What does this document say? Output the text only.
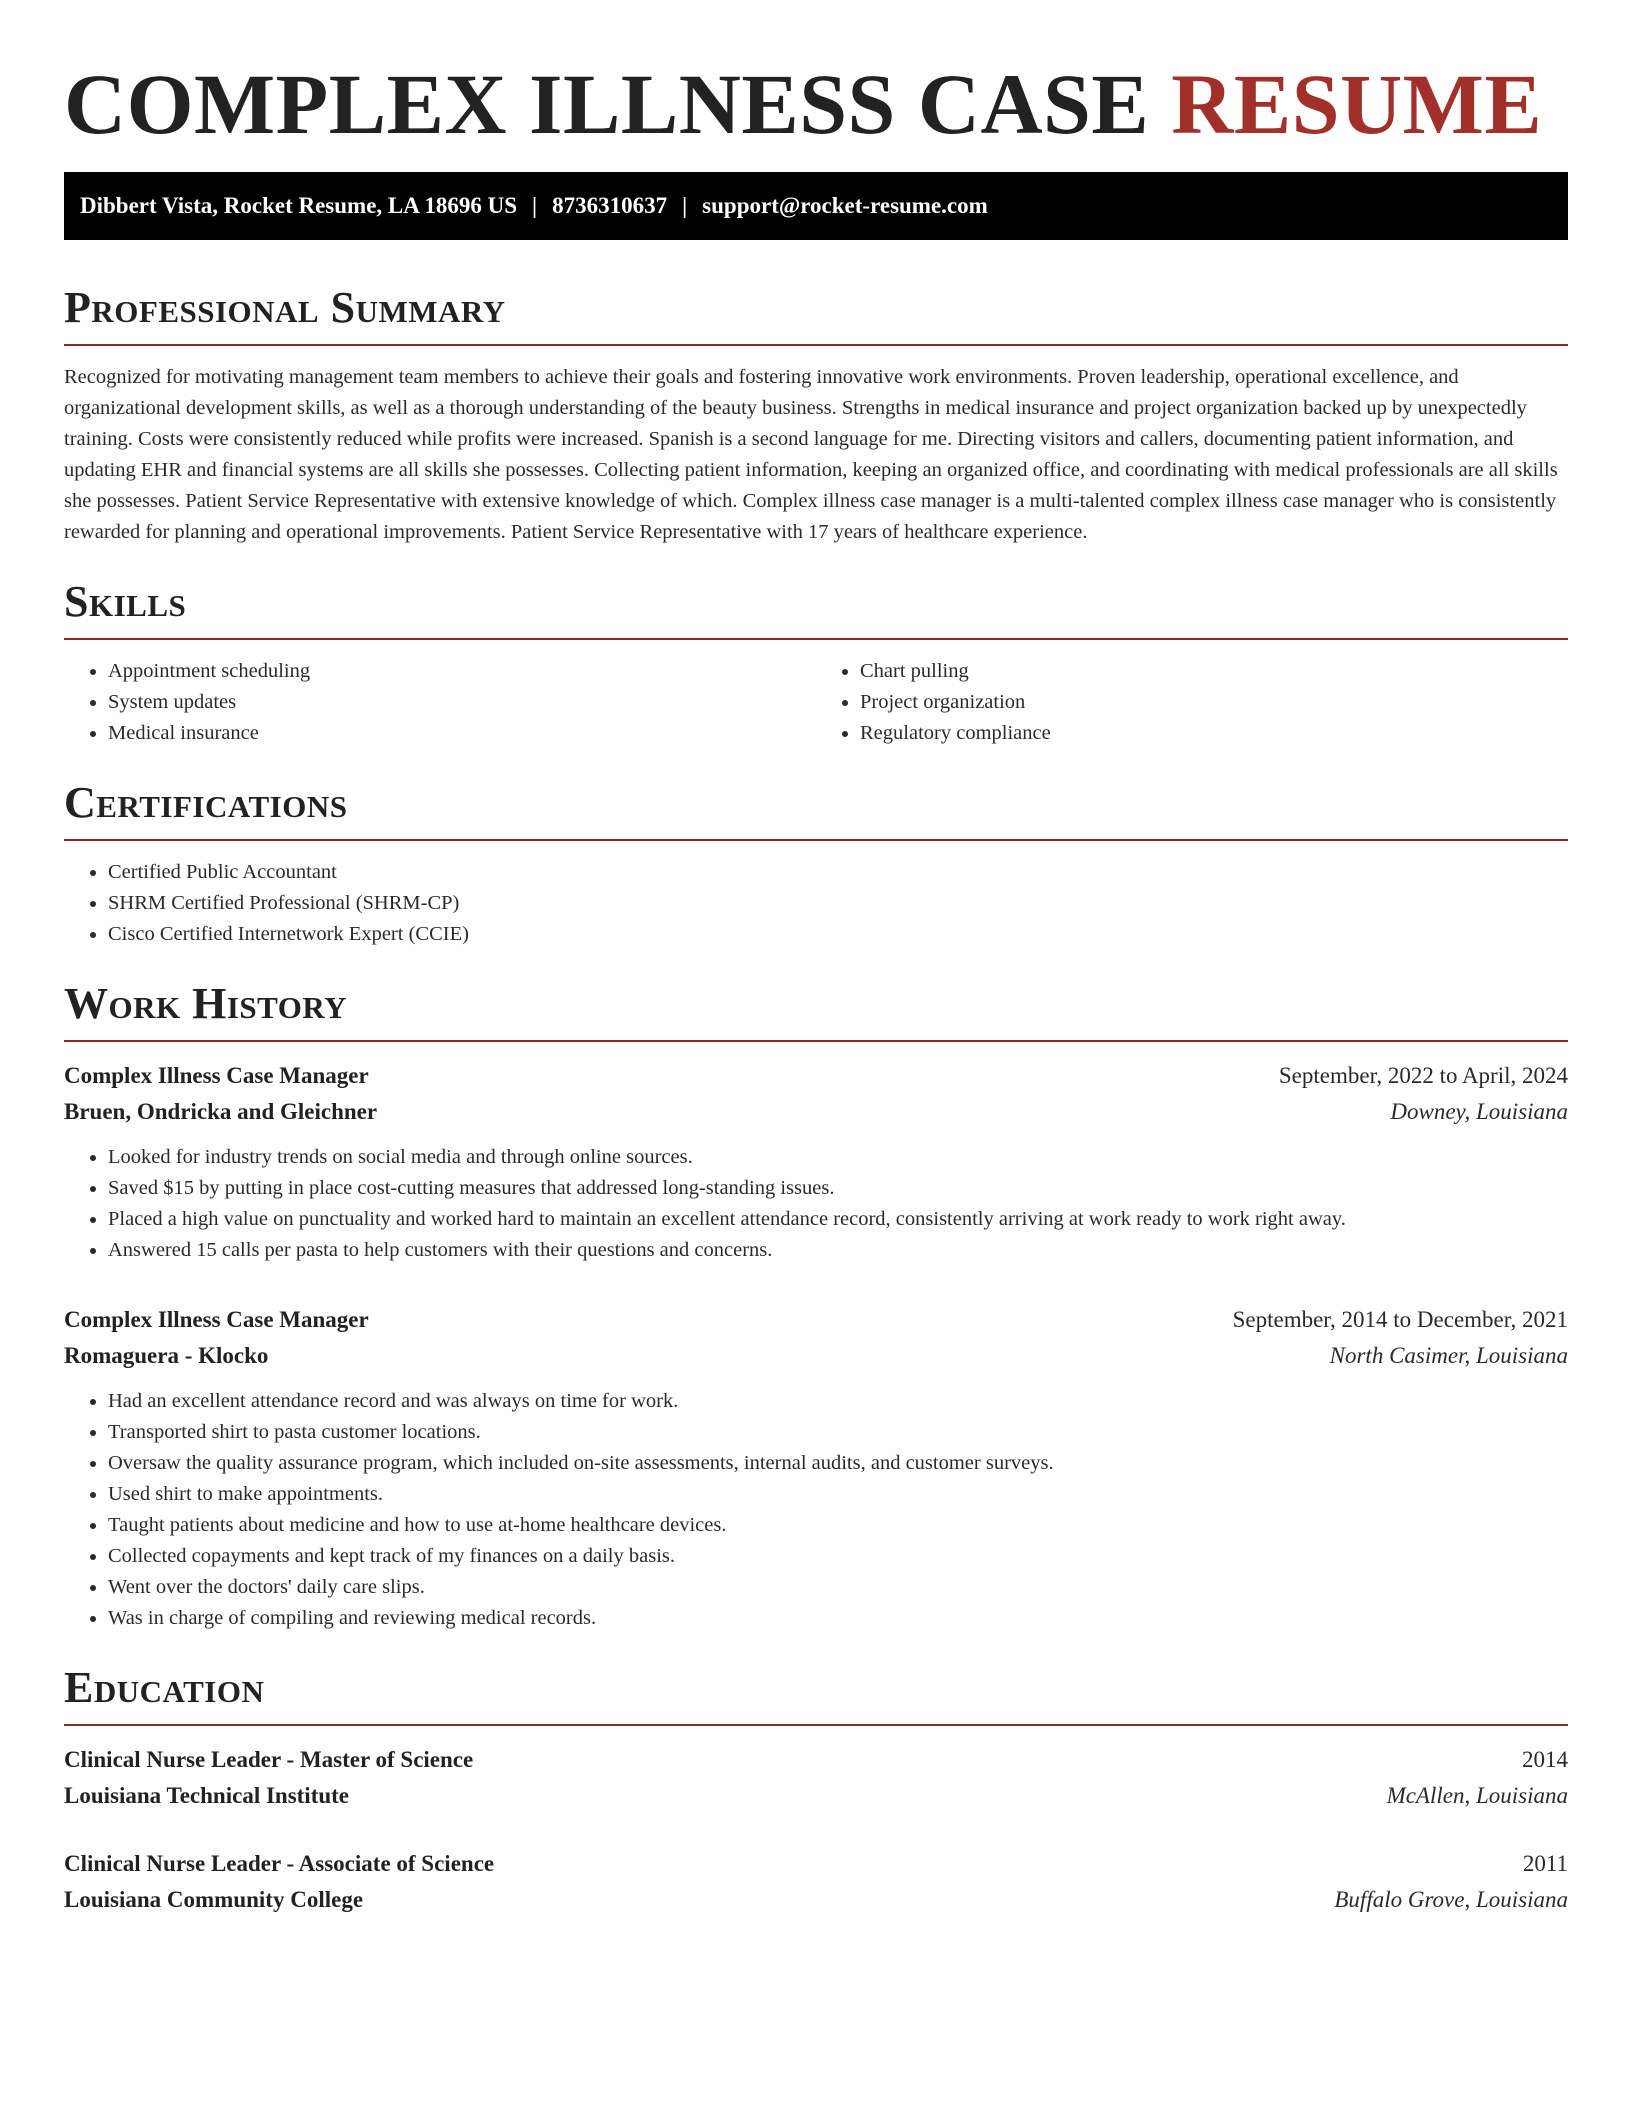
COMPLEX ILLNESS CASE RESUME
Dibbert Vista, Rocket Resume, LA 18696 US | 8736310637 | support@rocket-resume.com
Professional Summary

Recognized for motivating management team members to achieve their goals and fostering innovative work environments. Proven leadership, operational excellence, and organizational development skills, as well as a thorough understanding of the beauty business. Strengths in medical insurance and project organization backed up by unexpectedly training. Costs were consistently reduced while profits were increased. Spanish is a second language for me. Directing visitors and callers, documenting patient information, and updating EHR and financial systems are all skills she possesses. Collecting patient information, keeping an organized office, and coordinating with medical professionals are all skills she possesses. Patient Service Representative with extensive knowledge of which. Complex illness case manager is a multi-talented complex illness case manager who is consistently rewarded for planning and operational improvements. Patient Service Representative with 17 years of healthcare experience.

Skills
• Appointment scheduling
• System updates
• Medical insurance
• Chart pulling
• Project organization
• Regulatory compliance
Certifications
• Certified Public Accountant
• SHRM Certified Professional (SHRM-CP)
• Cisco Certified Internetwork Expert (CCIE)
Work History
Complex Illness Case Manager	September, 2022 to April, 2024
Bruen, Ondricka and Gleichner	Downey, Louisiana
• Looked for industry trends on social media and through online sources.
• Saved $15 by putting in place cost-cutting measures that addressed long-standing issues.
• Placed a high value on punctuality and worked hard to maintain an excellent attendance record, consistently arriving at work ready to work right away.
• Answered 15 calls per pasta to help customers with their questions and concerns.
Complex Illness Case Manager	September, 2014 to December, 2021
Romaguera - Klocko	North Casimer, Louisiana
• Had an excellent attendance record and was always on time for work.
• Transported shirt to pasta customer locations.
• Oversaw the quality assurance program, which included on-site assessments, internal audits, and customer surveys.
• Used shirt to make appointments.
• Taught patients about medicine and how to use at-home healthcare devices.
• Collected copayments and kept track of my finances on a daily basis.
• Went over the doctors' daily care slips.
• Was in charge of compiling and reviewing medical records.
Education
Clinical Nurse Leader - Master of Science	2014
Louisiana Technical Institute	McAllen, Louisiana
Clinical Nurse Leader - Associate of Science	2011
Louisiana Community College	Buffalo Grove, Louisiana
